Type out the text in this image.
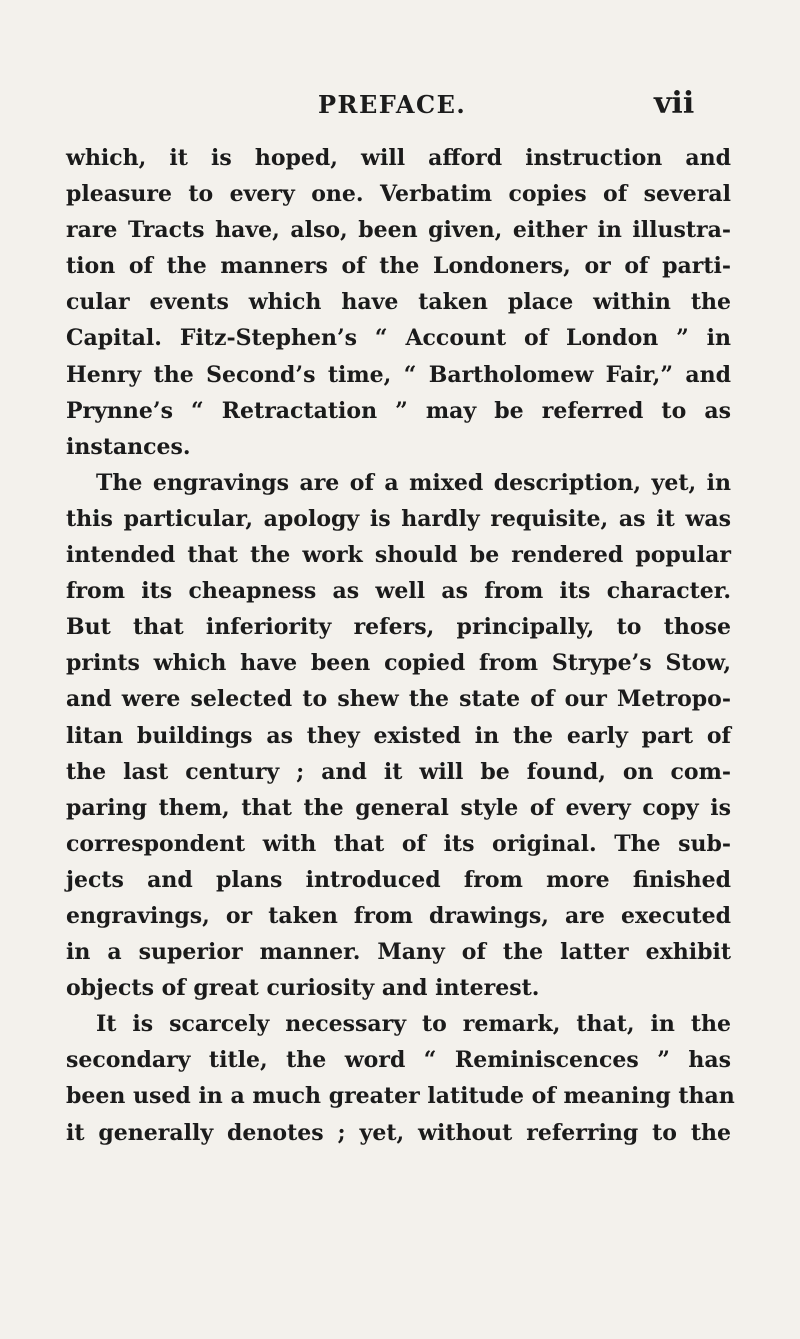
PREFACE.	vii
which, it is hoped, will afford instruction and
pleasure to every one. Verbatim copies of several
rare Tracts have, also, been given, either in illustra-
tion of the manners of the Londoners, or of parti-
cular events which have taken place within the
Capital. Fitz-Stephen’s “ Account of London ” in
Henry the Second’s time, “ Bartholomew Fair,” and
Prynne’s “ Retractation ” may be referred to as
instances.
The engravings are of a mixed description, yet, in
this particular, apology is hardly requisite, as it was
intended that the work should be rendered popular
from its cheapness as well as from its character.
But that inferiority refers, principally, to those
prints which have been copied from Strype’s Stow,
and were selected to shew the state of our Metropo-
litan buildings as they existed in the early part of
the last century ; and it will be found, on com-
paring them, that the general style of every copy is
correspondent with that of its original. The sub-
jects and plans introduced from more finished
engravings, or taken from drawings, are executed
in a superior manner. Many of the latter exhibit
objects of great curiosity and interest.
It is scarcely necessary to remark, that, in the
secondary title, the word “ Reminiscences ” has
been used in a much greater latitude of meaning than
it generally denotes ; yet, without referring to the
